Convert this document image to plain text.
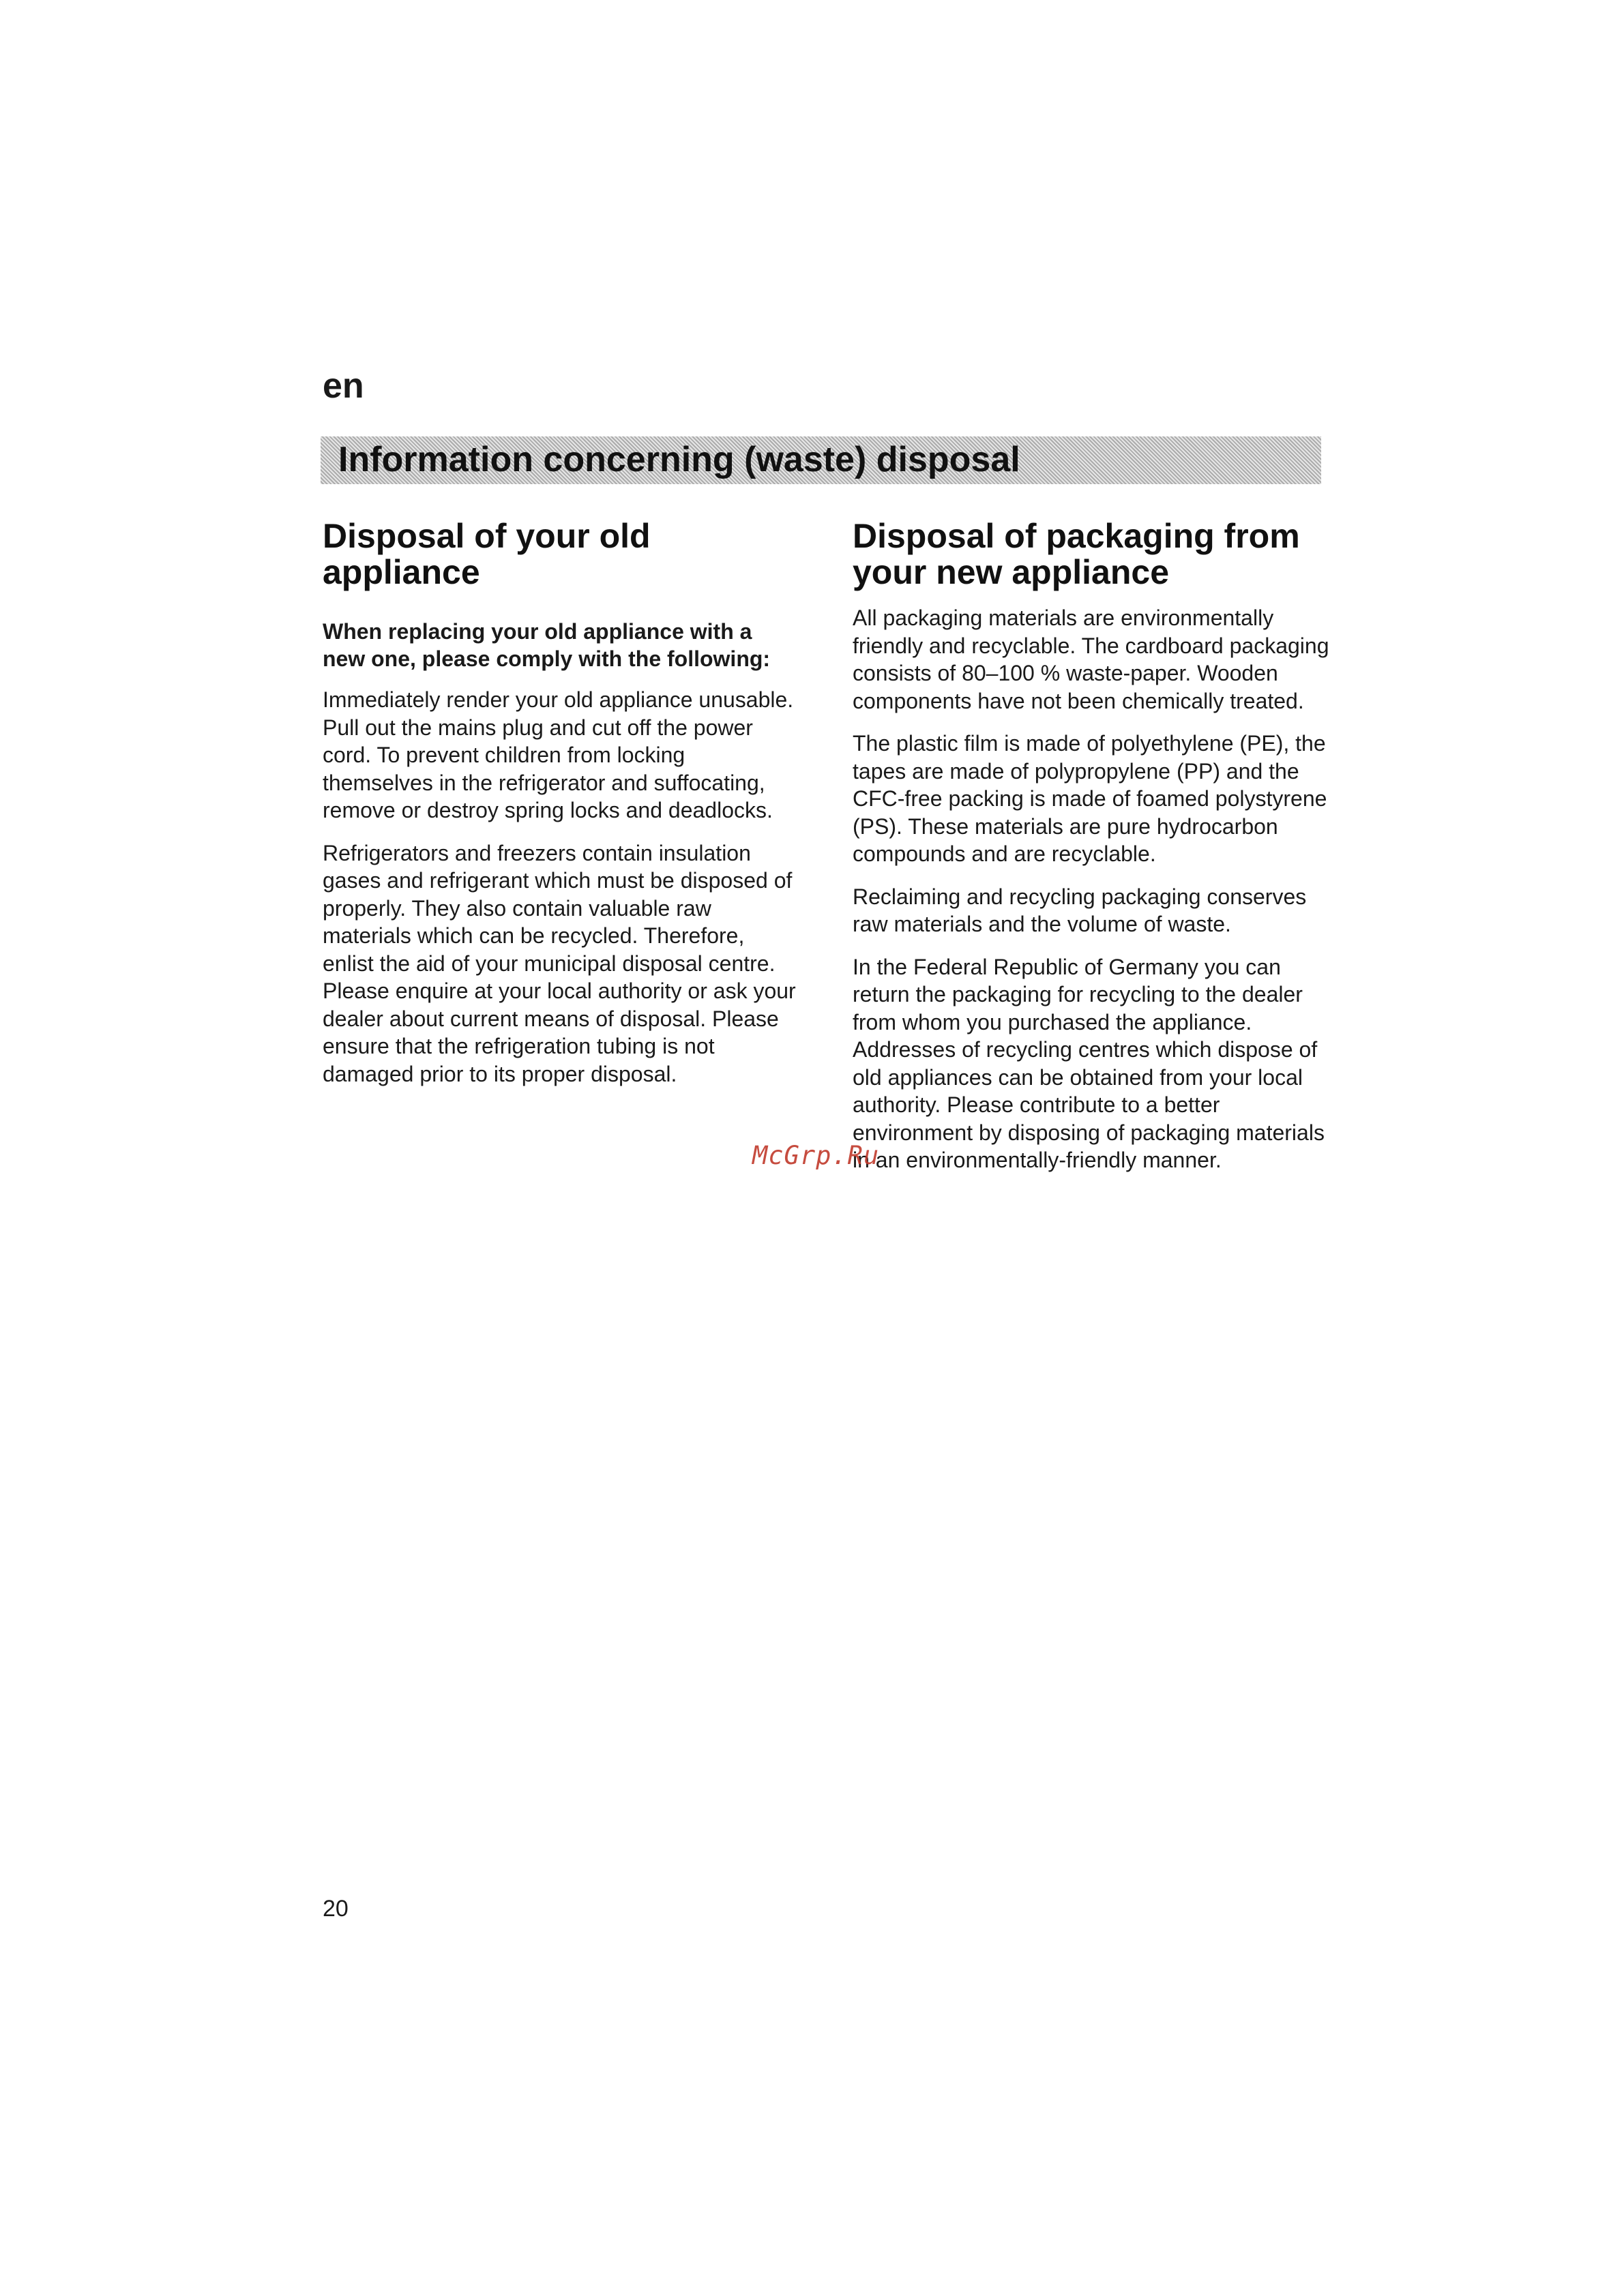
en
Information concerning (waste) disposal
Disposal of your old appliance
When replacing your old appliance with a new one, please comply with the following:

Immediately render your old appliance unusable. Pull out the mains plug and cut off the power cord. To prevent children from locking themselves in the refrigerator and suffocating, remove or destroy spring locks and deadlocks.

Refrigerators and freezers contain insulation gases and refrigerant which must be disposed of properly. They also contain valuable raw materials which can be recycled. Therefore, enlist the aid of your municipal disposal centre. Please enquire at your local authority or ask your dealer about current means of disposal. Please ensure that the refrigeration tubing is not damaged prior to its proper disposal.

Disposal of packaging from your new appliance

All packaging materials are environmentally friendly and recyclable. The cardboard packaging consists of 80–100 % waste-paper. Wooden components have not been chemically treated.

The plastic film is made of polyethylene (PE), the tapes are made of polypropylene (PP) and the CFC-free packing is made of foamed polystyrene (PS). These materials are pure hydrocarbon compounds and are recyclable.

Reclaiming and recycling packaging conserves raw materials and the volume of waste.

In the Federal Republic of Germany you can return the packaging for recycling to the dealer from whom you purchased the appliance. Addresses of recycling centres which dispose of old appliances can be obtained from your local authority. Please contribute to a better environment by disposing of packaging materials in an environmentally-friendly manner.

McGrp.Ru
20
